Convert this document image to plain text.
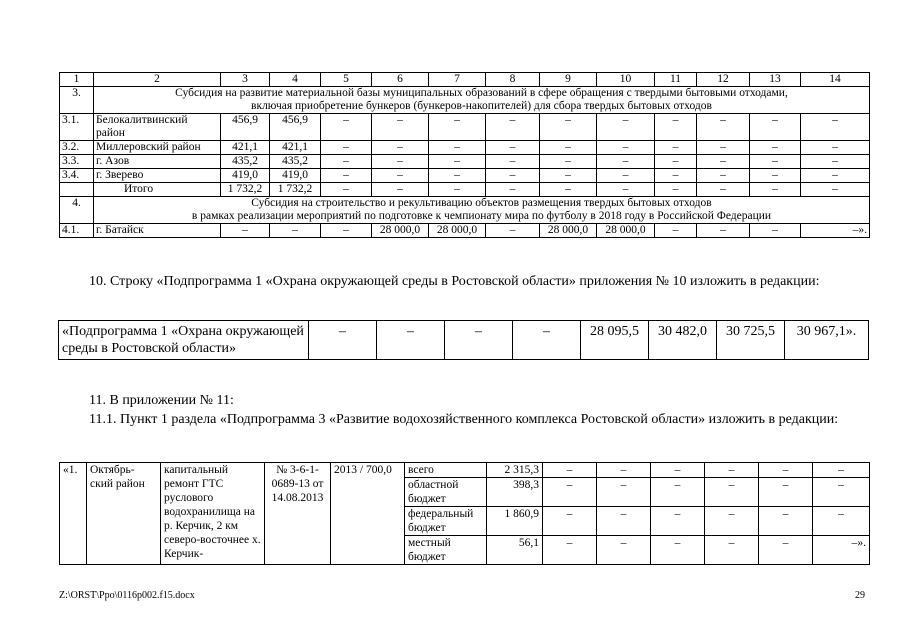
1	2	3	4	5	6	7	8	9	10	11	12	13	14
3.	Субсидия на развитие материальной базы муниципальных образований в сфере обращения с твердыми бытовыми отходами,
включая приобретение бункеров (бункеров-накопителей) для сбора твердых бытовых отходов												

3.1.	Белокалитвинский район	456,9	456,9	–	–	–	–	–	–	–	–	–	–
3.2.	Миллеровский район	421,1	421,1	–	–	–	–	–	–	–	–	–	–
3.3.	г. Азов	435,2	435,2	–	–	–	–	–	–	–	–	–	–
3.4.	г. Зверево	419,0	419,0	–	–	–	–	–	–	–	–	–	–
	Итого	1 732,2	1 732,2	–	–	–	–	–	–	–	–	–	–
4.	Субсидия на строительство и рекультивацию объектов размещения твердых бытовых отходов
в рамках реализации мероприятий по подготовке к чемпионату мира по футболу в 2018 году в Российской Федерации												

4.1.	г. Батайск	–	–	–	28 000,0	28 000,0	–	28 000,0	28 000,0	–	–	–	–».
10. Строку «Подпрограмма 1 «Охрана окружающей среды в Ростовской области» приложения № 10 изложить в редакции:
«Подпрограмма 1 «Охрана окружающей среды в Ростовской области»	–	–	–	–	28 095,5	30 482,0	30 725,5	30 967,1».
11. В приложении № 11:
11.1. Пункт 1 раздела «Подпрограмма 3 «Развитие водохозяйственного комплекса Ростовской области» изложить в редакции:
«1.	Октябрь-ский район	капитальный ремонт ГТС руслового водохранилища на р. Керчик, 2 км северо-восточнее х. Керчик-	№ 3-6-1-0689-13 от 14.08.2013	2013 / 700,0	всего	2 315,3	–	–	–	–	–	–
					областной бюджет	398,3	–	–	–	–	–	–
					федеральный бюджет	1 860,9	–	–	–	–	–	–
					местный бюджет	56,1	–	–	–	–	–	–».
Z:\ORST\Ppo\0116p002.f15.docx	29
